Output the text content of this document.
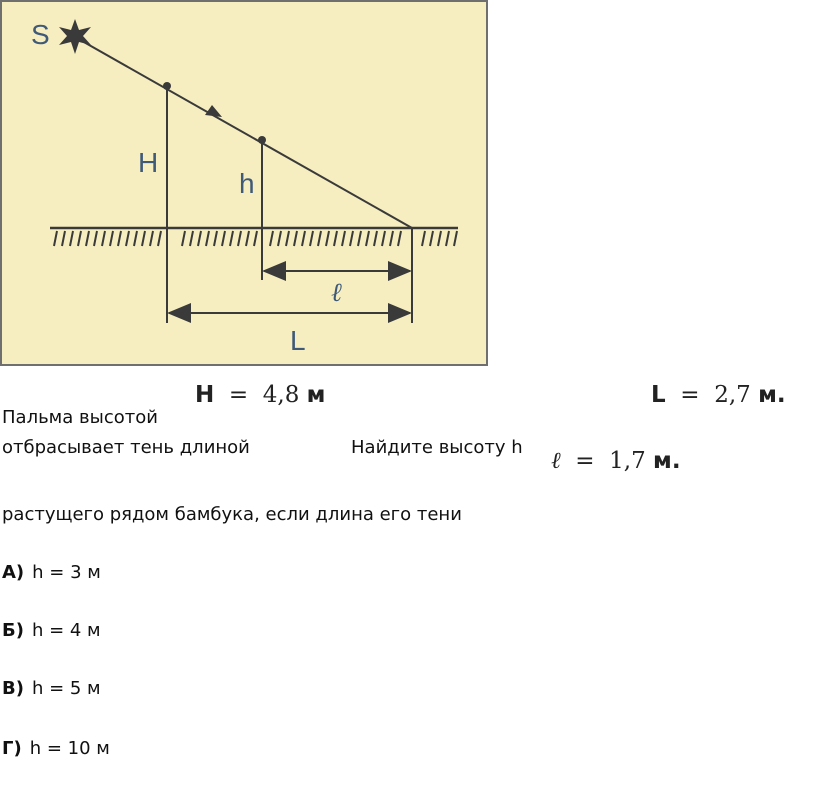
S
H
h
ℓ
L
H = 4,8 м	L = 2,7 м.
ℓ = 1,7 м.
Пальма высотой
отбрасывает тень длиной	Найдите высоту h
растущего рядом бамбука, если длина его тени
А) h = 3 м
Б) h = 4 м
В) h = 5 м
Г) h = 10 м
